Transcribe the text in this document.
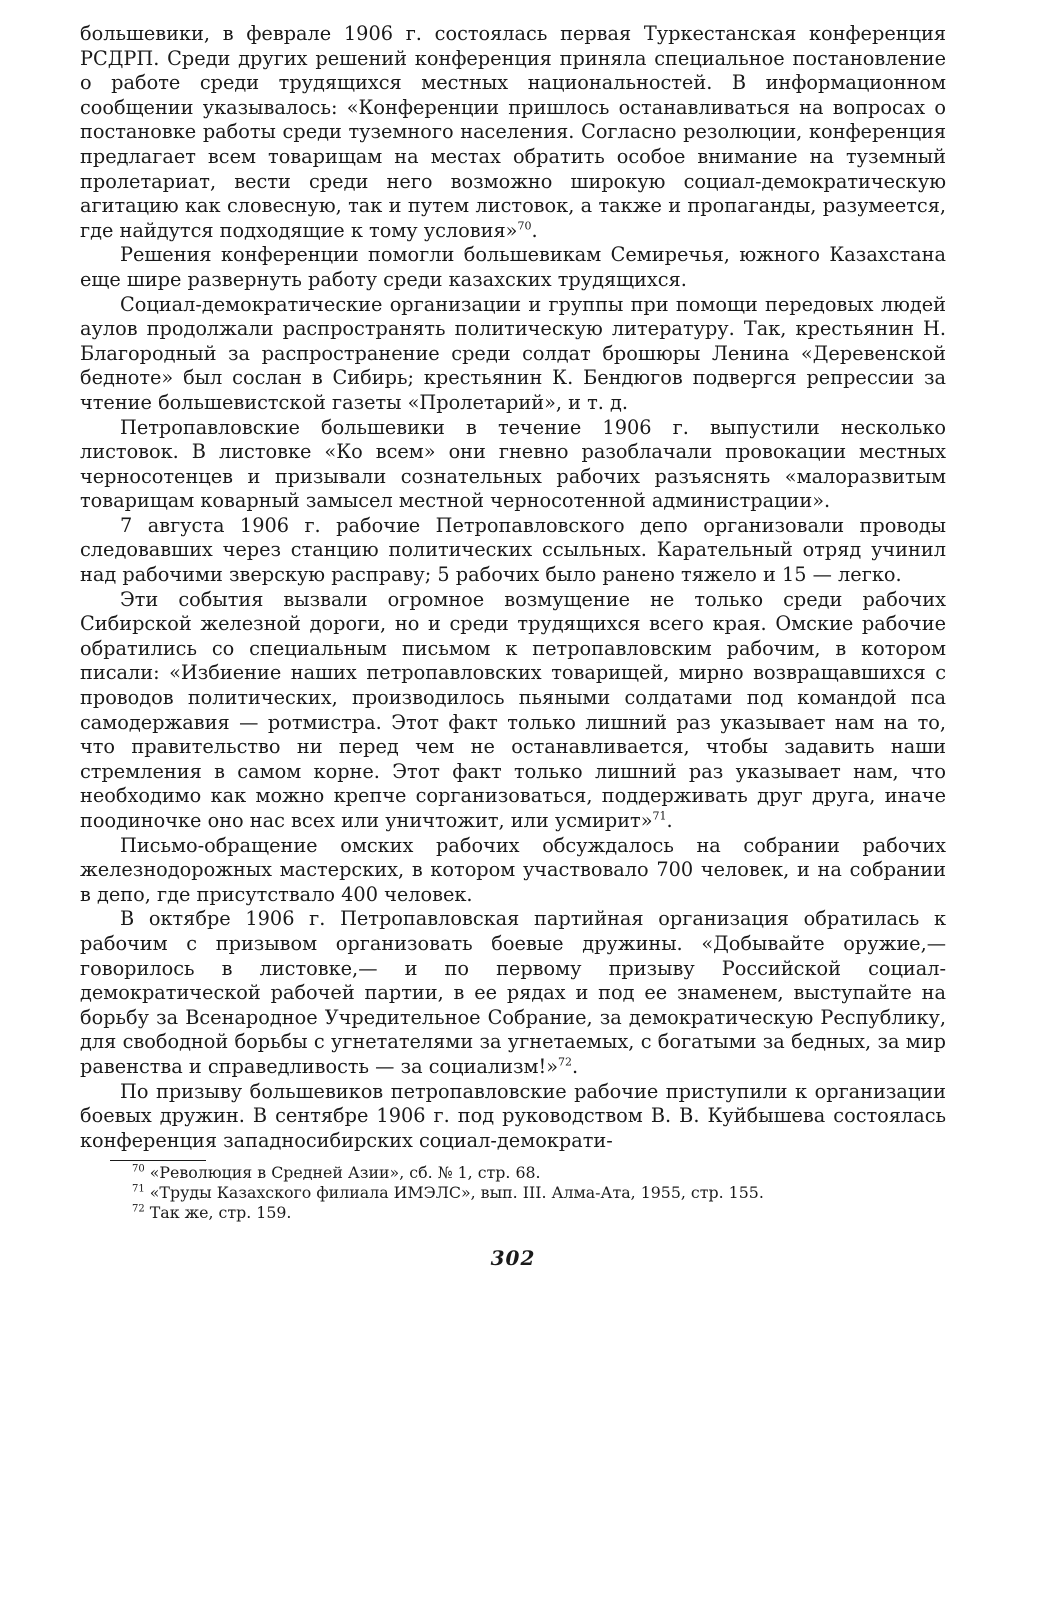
большевики, в феврале 1906 г. состоялась первая Туркестанская конференция РСДРП. Среди других решений конференция приняла специальное постановление о работе среди трудящихся местных национальностей. В информационном сообщении указывалось: «Конференции пришлось останавливаться на вопросах о постановке работы среди туземного населения. Согласно резолюции, конференция предлагает всем товарищам на местах обратить особое внимание на туземный пролетариат, вести среди него возможно широкую социал-демократическую агитацию как словесную, так и путем листовок, а также и пропаганды, разумеется, где найдутся подходящие к тому условия»$^{70}$.

Решения конференции помогли большевикам Семиречья, южного Казахстана еще шире развернуть работу среди казахских трудящихся.

Социал-демократические организации и группы при помощи передовых людей аулов продолжали распространять политическую литературу. Так, крестьянин Н. Благородный за распространение среди солдат брошюры Ленина «Деревенской бедноте» был сослан в Сибирь; крестьянин К. Бендюгов подвергся репрессии за чтение большевистской газеты «Пролетарий», и т. д.

Петропавловские большевики в течение 1906 г. выпустили несколько листовок. В листовке «Ко всем» они гневно разоблачали провокации местных черносотенцев и призывали сознательных рабочих разъяснять «малоразвитым товарищам коварный замысел местной черносотенной администрации».

7 августа 1906 г. рабочие Петропавловского депо организовали проводы следовавших через станцию политических ссыльных. Карательный отряд учинил над рабочими зверскую расправу; 5 рабочих было ранено тяжело и 15 — легко.

Эти события вызвали огромное возмущение не только среди рабочих Сибирской железной дороги, но и среди трудящихся всего края. Омские рабочие обратились со специальным письмом к петропавловским рабочим, в котором писали: «Избиение наших петропавловских товарищей, мирно возвращавшихся с проводов политических, производилось пьяными солдатами под командой пса самодержавия — ротмистра. Этот факт только лишний раз указывает нам на то, что правительство ни перед чем не останавливается, чтобы задавить наши стремления в самом корне. Этот факт только лишний раз указывает нам, что необходимо как можно крепче сорганизоваться, поддерживать друг друга, иначе поодиночке оно нас всех или уничтожит, или усмирит»$^{71}$.

Письмо-обращение омских рабочих обсуждалось на собрании рабочих железнодорожных мастерских, в котором участвовало 700 человек, и на собрании в депо, где присутствало 400 человек.

В октябре 1906 г. Петропавловская партийная организация обратилась к рабочим с призывом организовать боевые дружины. «Добывайте оружие,— говорилось в листовке,— и по первому призыву Российской социал-демократической рабочей партии, в ее рядах и под ее знаменем, выступайте на борьбу за Всенародное Учредительное Собрание, за демократическую Республику, для свободной борьбы с угнетателями за угнетаемых, с богатыми за бедных, за мир равенства и справедливость — за социализм!»$^{72}$.

По призыву большевиков петропавловские рабочие приступили к организации боевых дружин. В сентябре 1906 г. под руководством В. В. Куйбышева состоялась конференция западносибирских социал-демократи-

$^{70}$ «Революция в Средней Азии», сб. № 1, стр. 68.

$^{71}$ «Труды Казахского филиала ИМЭЛС», вып. III. Алма-Ата, 1955, стр. 155.

$^{72}$ Так же, стр. 159.

302
